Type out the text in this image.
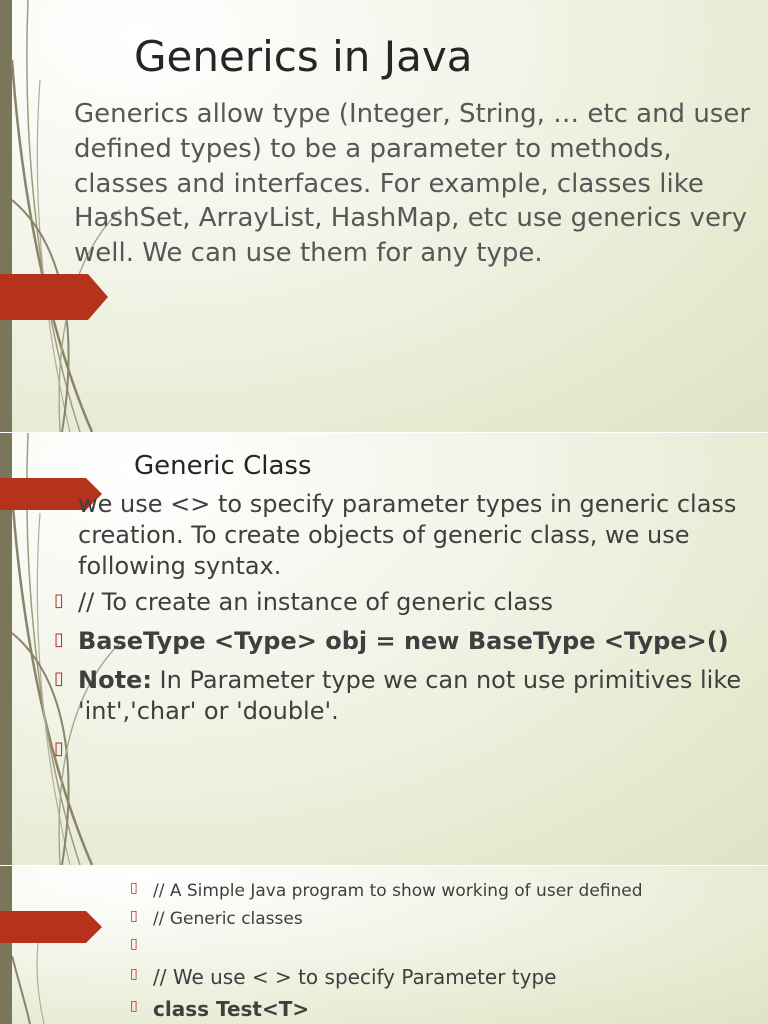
Generics in Java

Generics allow type (Integer, String, … etc and user defined types) to be a parameter to methods, classes and interfaces. For example, classes like HashSet, ArrayList, HashMap, etc use generics very well. We can use them for any type.

Generic Class

we use <> to specify parameter types in generic class creation. To create objects of generic class, we use following syntax.

▯ // To create an instance of generic class
▯ BaseType <Type> obj = new BaseType <Type>()
▯ Note: In Parameter type we can not use primitives like 'int','char' or 'double'.
▯
▯ // A Simple Java program to show working of user defined
▯ // Generic classes
▯
▯ // We use < > to specify Parameter type
▯ class Test<T>
